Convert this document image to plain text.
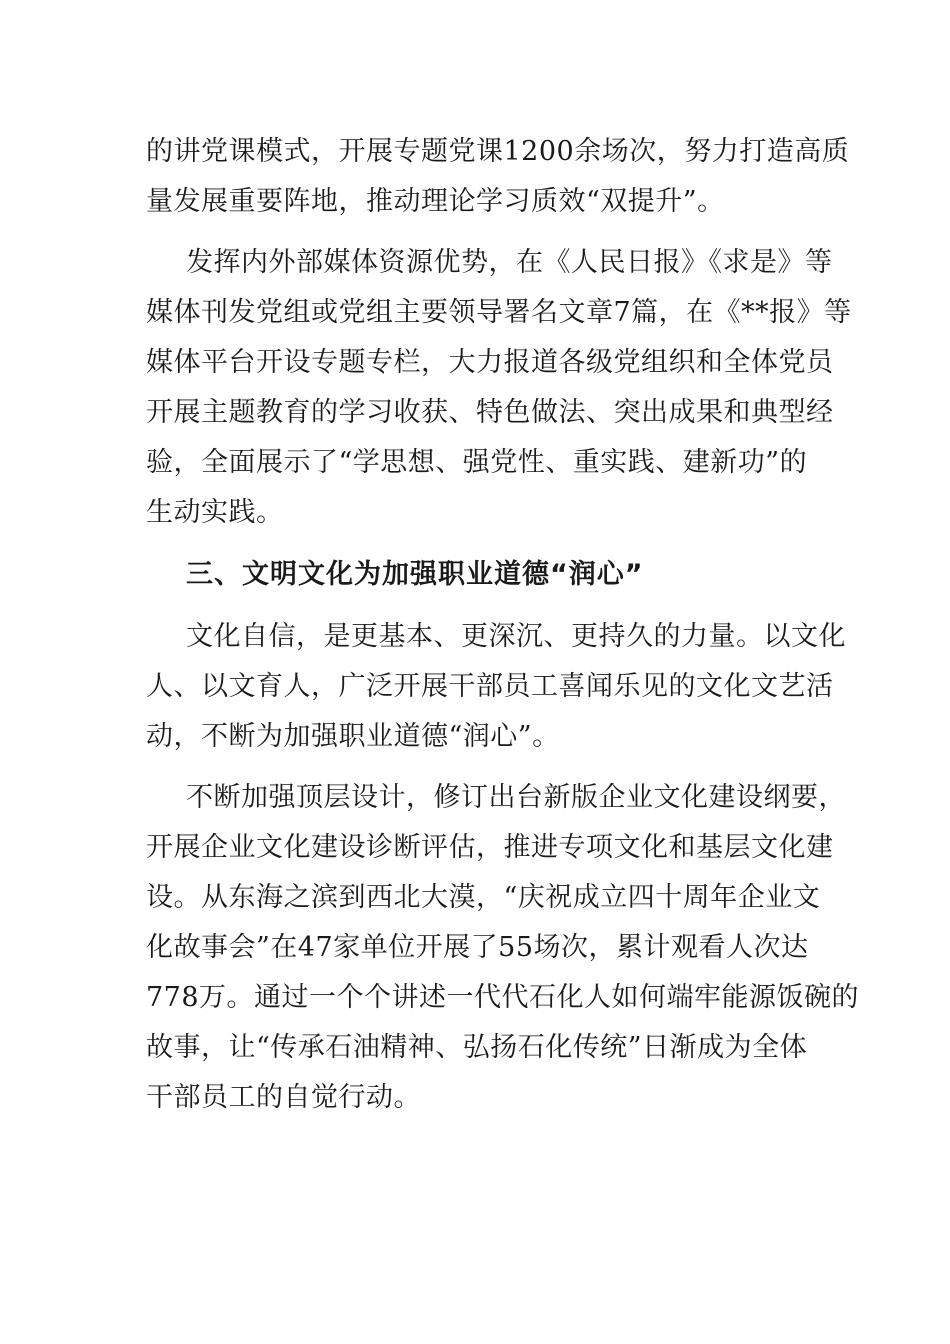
的讲党课模式，开展专题党课1200余场次，努力打造高质
量发展重要阵地，推动理论学习质效“双提升”。
发挥内外部媒体资源优势，在《人民日报》《求是》等
媒体刊发党组或党组主要领导署名文章7篇，在《**报》等
媒体平台开设专题专栏，大力报道各级党组织和全体党员
开展主题教育的学习收获、特色做法、突出成果和典型经
验，全面展示了“学思想、强党性、重实践、建新功”的
生动实践。
三、文明文化为加强职业道德“润心”
文化自信，是更基本、更深沉、更持久的力量。以文化
人、以文育人，广泛开展干部员工喜闻乐见的文化文艺活
动，不断为加强职业道德“润心”。
不断加强顶层设计，修订出台新版企业文化建设纲要，
开展企业文化建设诊断评估，推进专项文化和基层文化建
设。从东海之滨到西北大漠，“庆祝成立四十周年企业文
化故事会”在47家单位开展了55场次，累计观看人次达
778万。通过一个个讲述一代代石化人如何端牢能源饭碗的
故事，让“传承石油精神、弘扬石化传统”日渐成为全体
干部员工的自觉行动。
